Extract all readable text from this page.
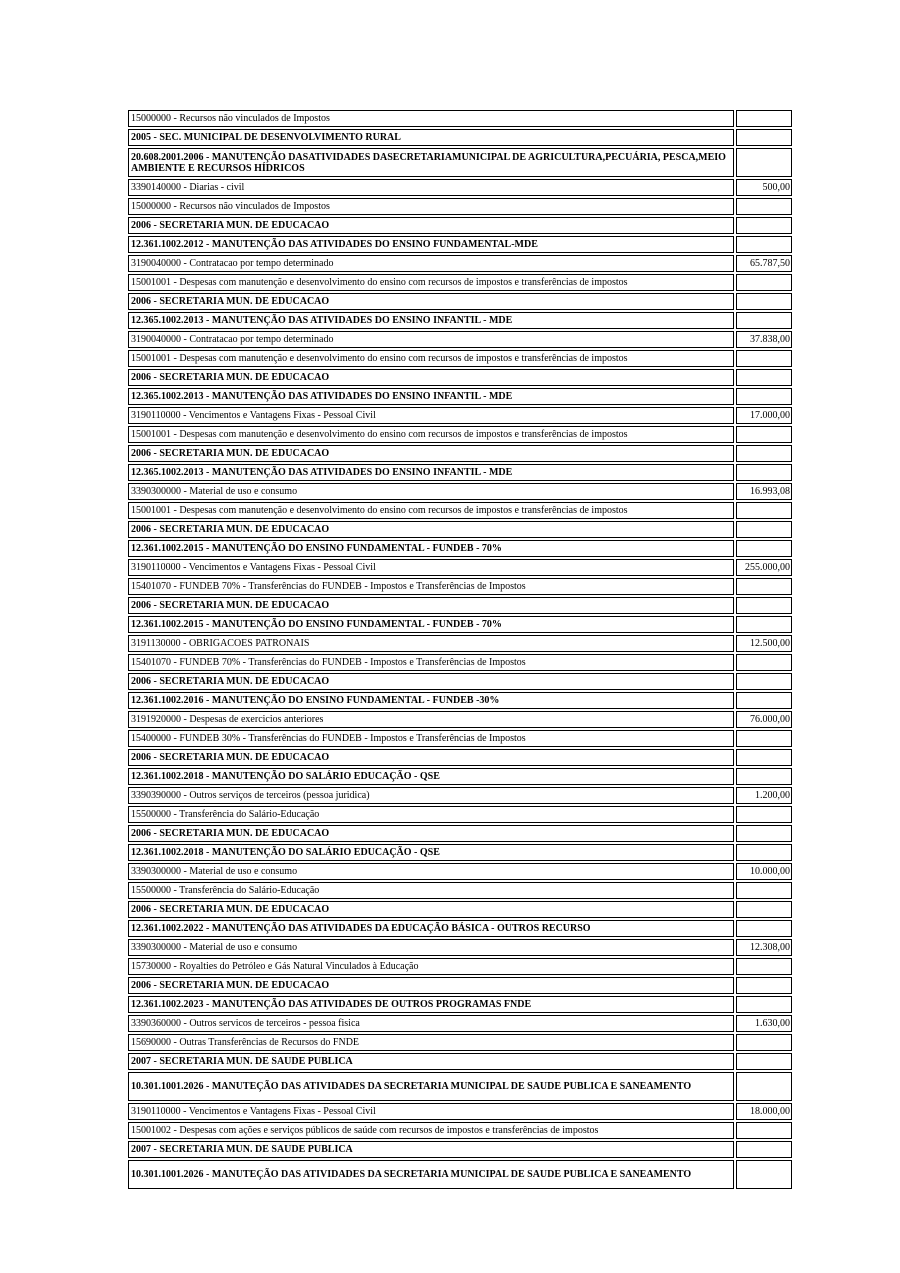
15000000 - Recursos não vinculados de Impostos	
2005 - SEC. MUNICIPAL DE DESENVOLVIMENTO RURAL	
20.608.2001.2006 - MANUTENÇÃO DASATIVIDADES DASECRETARIAMUNICIPAL DE AGRICULTURA,PECUÁRIA, PESCA,MEIO AMBIENTE E RECURSOS HÍDRICOS	
3390140000 - Diarias - civil	500,00
15000000 - Recursos não vinculados de Impostos	
2006 - SECRETARIA MUN. DE EDUCACAO	
12.361.1002.2012 - MANUTENÇÃO DAS ATIVIDADES DO ENSINO FUNDAMENTAL-MDE	
3190040000 - Contratacao por tempo determinado	65.787,50
15001001 - Despesas com manutenção e desenvolvimento do ensino com recursos de impostos e transferências de impostos	
2006 - SECRETARIA MUN. DE EDUCACAO	
12.365.1002.2013 - MANUTENÇÃO DAS ATIVIDADES DO ENSINO INFANTIL - MDE	
3190040000 - Contratacao por tempo determinado	37.838,00
15001001 - Despesas com manutenção e desenvolvimento do ensino com recursos de impostos e transferências de impostos	
2006 - SECRETARIA MUN. DE EDUCACAO	
12.365.1002.2013 - MANUTENÇÃO DAS ATIVIDADES DO ENSINO INFANTIL - MDE	
3190110000 - Vencimentos e Vantagens Fixas - Pessoal Civil	17.000,00
15001001 - Despesas com manutenção e desenvolvimento do ensino com recursos de impostos e transferências de impostos	
2006 - SECRETARIA MUN. DE EDUCACAO	
12.365.1002.2013 - MANUTENÇÃO DAS ATIVIDADES DO ENSINO INFANTIL - MDE	
3390300000 - Material de uso e consumo	16.993,08
15001001 - Despesas com manutenção e desenvolvimento do ensino com recursos de impostos e transferências de impostos	
2006 - SECRETARIA MUN. DE EDUCACAO	
12.361.1002.2015 - MANUTENÇÃO DO ENSINO FUNDAMENTAL - FUNDEB - 70%	
3190110000 - Vencimentos e Vantagens Fixas - Pessoal Civil	255.000,00
15401070 - FUNDEB 70% - Transferências do FUNDEB - Impostos e Transferências de Impostos	
2006 - SECRETARIA MUN. DE EDUCACAO	
12.361.1002.2015 - MANUTENÇÃO DO ENSINO FUNDAMENTAL - FUNDEB - 70%	
3191130000 - OBRIGACOES PATRONAIS	12.500,00
15401070 - FUNDEB 70% - Transferências do FUNDEB - Impostos e Transferências de Impostos	
2006 - SECRETARIA MUN. DE EDUCACAO	
12.361.1002.2016 - MANUTENÇÃO DO ENSINO FUNDAMENTAL - FUNDEB -30%	
3191920000 - Despesas de exercicios anteriores	76.000,00
15400000 - FUNDEB 30% - Transferências do FUNDEB - Impostos e Transferências de Impostos	
2006 - SECRETARIA MUN. DE EDUCACAO	
12.361.1002.2018 - MANUTENÇÃO DO SALÁRIO EDUCAÇÃO - QSE	
3390390000 - Outros serviços de terceiros (pessoa juridica)	1.200,00
15500000 - Transferência do Salário-Educação	
2006 - SECRETARIA MUN. DE EDUCACAO	
12.361.1002.2018 - MANUTENÇÃO DO SALÁRIO EDUCAÇÃO - QSE	
3390300000 - Material de uso e consumo	10.000,00
15500000 - Transferência do Salário-Educação	
2006 - SECRETARIA MUN. DE EDUCACAO	
12.361.1002.2022 - MANUTENÇÃO DAS ATIVIDADES DA EDUCAÇÃO BÁSICA - OUTROS RECURSO	
3390300000 - Material de uso e consumo	12.308,00
15730000 - Royalties do Petróleo e Gás Natural Vinculados à Educação	
2006 - SECRETARIA MUN. DE EDUCACAO	
12.361.1002.2023 - MANUTENÇÃO DAS ATIVIDADES DE OUTROS PROGRAMAS FNDE	
3390360000 - Outros servicos de terceiros - pessoa fisica	1.630,00
15690000 - Outras Transferências de Recursos do FNDE	
2007 - SECRETARIA MUN. DE SAUDE PUBLICA	
10.301.1001.2026 - MANUTEÇÃO DAS ATIVIDADES DA SECRETARIA MUNICIPAL DE SAUDE PUBLICA E SANEAMENTO	
3190110000 - Vencimentos e Vantagens Fixas - Pessoal Civil	18.000,00
15001002 - Despesas com ações e serviços públicos de saúde com recursos de impostos e transferências de impostos	
2007 - SECRETARIA MUN. DE SAUDE PUBLICA	
10.301.1001.2026 - MANUTEÇÃO DAS ATIVIDADES DA SECRETARIA MUNICIPAL DE SAUDE PUBLICA E SANEAMENTO	
